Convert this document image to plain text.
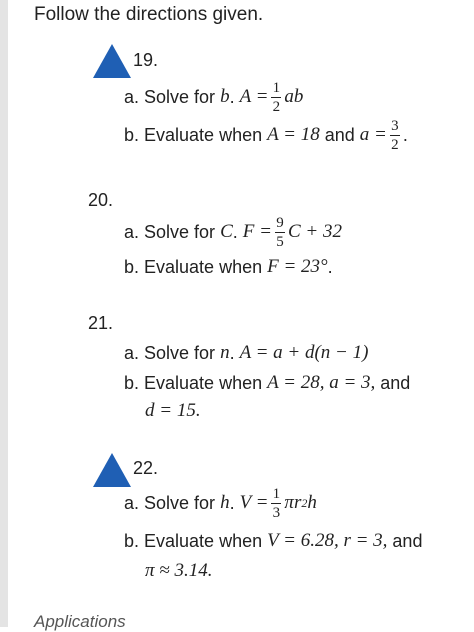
Follow the directions given.
19.
a. Solve for b . $A = \frac{1}{2}$ ab
b. Evaluate when A = 18 and $a = \frac{3}{2}$ .
20.
a. Solve for C . $F = \frac{9}{5}$ C + 32
b. Evaluate when F = 23° .
21.
a. Solve for n . A = a + d(n − 1)
b. Evaluate when A = 28, a = 3, and
d = 15.
22.
a. Solve for h . $V = \frac{1}{3}$ πr 2 h
b. Evaluate when V = 6.28, r = 3, and
π ≈ 3.14.
Applications
